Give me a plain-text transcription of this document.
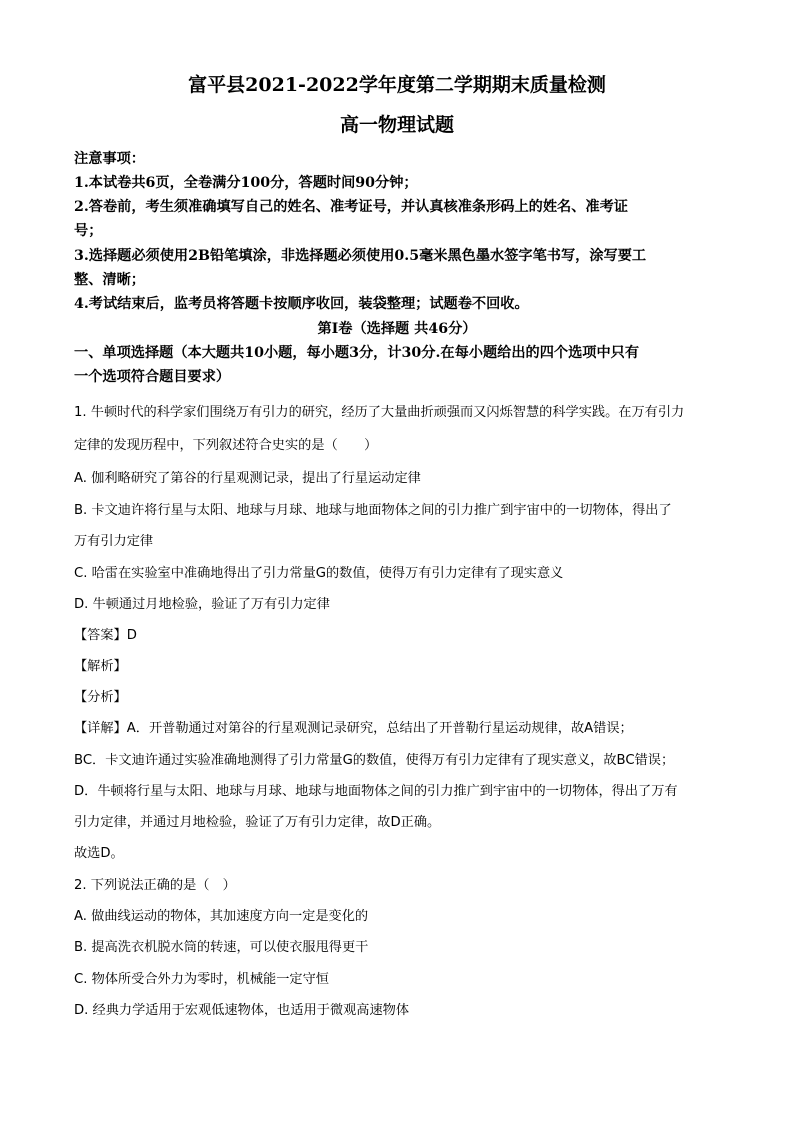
富平县2021-2022学年度第二学期期末质量检测
高一物理试题
注意事项：
1.本试卷共6页，全卷满分100分，答题时间90分钟；
2.答卷前，考生须准确填写自己的姓名、准考证号，并认真核准条形码上的姓名、准考证
号；
3.选择题必须使用2B铅笔填涂，非选择题必须使用0.5毫米黑色墨水签字笔书写，涂写要工
整、清晰；
4.考试结束后，监考员将答题卡按顺序收回，装袋整理；试题卷不回收。
第Ⅰ卷（选择题 共46分）
一、单项选择题（本大题共10小题，每小题3分，计30分.在每小题给出的四个选项中只有
一个选项符合题目要求）
1. 牛顿时代的科学家们围绕万有引力的研究，经历了大量曲折顽强而又闪烁智慧的科学实践。在万有引力
定律的发现历程中，下列叙述符合史实的是（　　）
A. 伽利略研究了第谷的行星观测记录，提出了行星运动定律
B. 卡文迪许将行星与太阳、地球与月球、地球与地面物体之间的引力推广到宇宙中的一切物体，得出了
万有引力定律
C. 哈雷在实验室中准确地得出了引力常量G的数值，使得万有引力定律有了现实意义
D. 牛顿通过月地检验，验证了万有引力定律
【答案】D
【解析】
【分析】
【详解】A．开普勒通过对第谷的行星观测记录研究，总结出了开普勒行星运动规律，故A错误；
BC．卡文迪许通过实验准确地测得了引力常量G的数值，使得万有引力定律有了现实意义，故BC错误；
D．牛顿将行星与太阳、地球与月球、地球与地面物体之间的引力推广到宇宙中的一切物体，得出了万有
引力定律，并通过月地检验，验证了万有引力定律，故D正确。
故选D。
2. 下列说法正确的是（　）
A. 做曲线运动的物体，其加速度方向一定是变化的
B. 提高洗衣机脱水筒的转速，可以使衣服甩得更干
C. 物体所受合外力为零时，机械能一定守恒
D. 经典力学适用于宏观低速物体，也适用于微观高速物体
